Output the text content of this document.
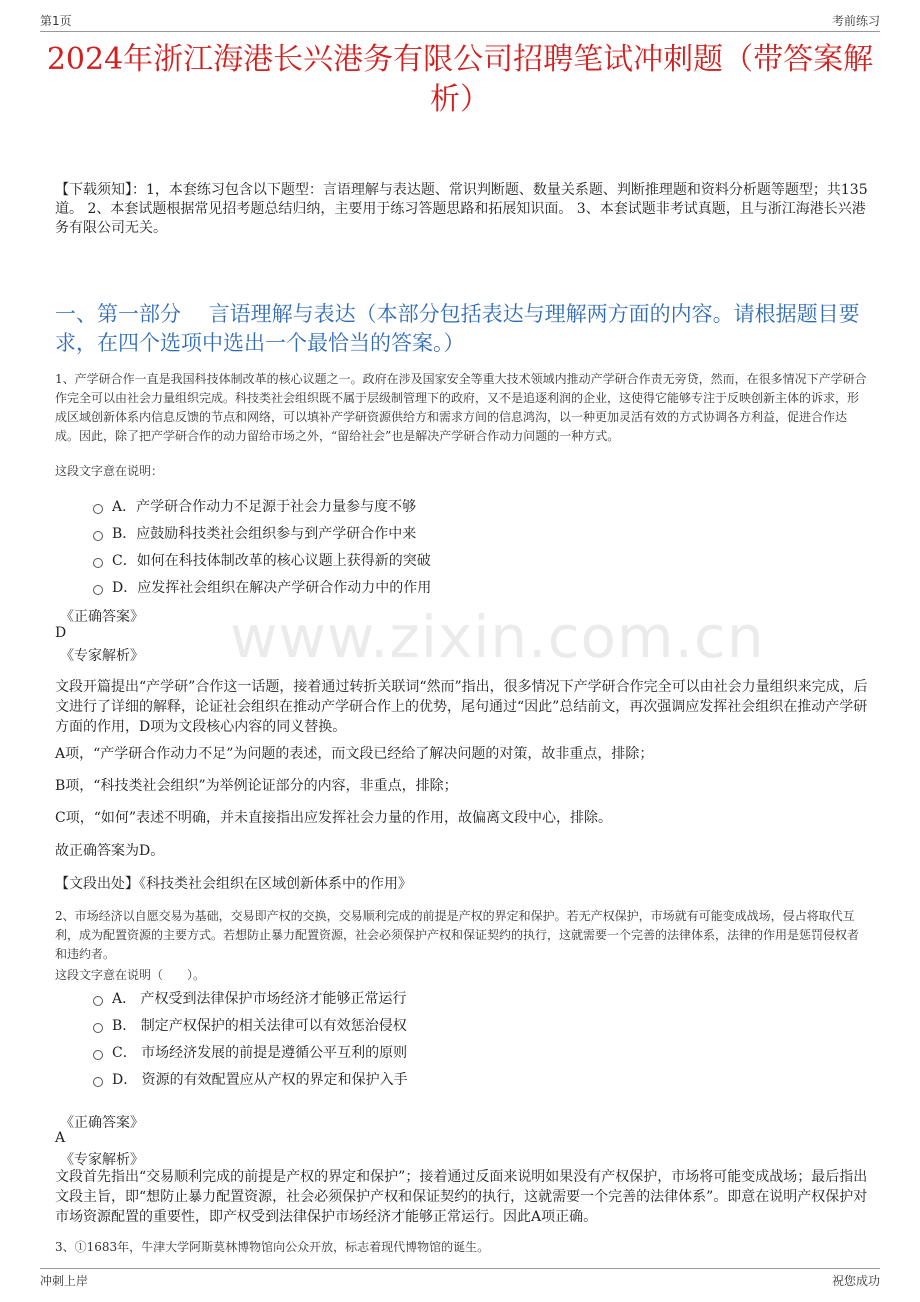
第1页	考前练习
2024年浙江海港长兴港务有限公司招聘笔试冲刺题（带答案解析）
【下载须知】：1，本套练习包含以下题型：言语理解与表达题、常识判断题、数量关系题、判断推理题和资料分析题等题型；共135道。 2、本套试题根据常见招考题总结归纳，主要用于练习答题思路和拓展知识面。 3、本套试题非考试真题，且与浙江海港长兴港务有限公司无关。
一、第一部分　 言语理解与表达（本部分包括表达与理解两方面的内容。请根据题目要求，在四个选项中选出一个最恰当的答案。）
www.zixin.com.cn
1、产学研合作一直是我国科技体制改革的核心议题之一。政府在涉及国家安全等重大技术领域内推动产学研合作责无旁贷，然而，在很多情况下产学研合作完全可以由社会力量组织完成。科技类社会组织既不属于层级制管理下的政府，又不是追逐利润的企业，这使得它能够专注于反映创新主体的诉求，形成区域创新体系内信息反馈的节点和网络，可以填补产学研资源供给方和需求方间的信息鸿沟，以一种更加灵活有效的方式协调各方利益，促进合作达成。因此，除了把产学研合作的动力留给市场之外，“留给社会”也是解决产学研合作动力问题的一种方式。
这段文字意在说明：
A．产学研合作动力不足源于社会力量参与度不够
B．应鼓励科技类社会组织参与到产学研合作中来
C．如何在科技体制改革的核心议题上获得新的突破
D．应发挥社会组织在解决产学研合作动力中的作用
《正确答案》
D
《专家解析》
文段开篇提出“产学研”合作这一话题，接着通过转折关联词“然而”指出，很多情况下产学研合作完全可以由社会力量组织来完成，后文进行了详细的解释，论证社会组织在推动产学研合作上的优势，尾句通过“因此”总结前文，再次强调应发挥社会组织在推动产学研方面的作用，D项为文段核心内容的同义替换。
A项，“产学研合作动力不足”为问题的表述，而文段已经给了解决问题的对策，故非重点，排除；
B项，“科技类社会组织”为举例论证部分的内容，非重点，排除；
C项，“如何”表述不明确，并未直接指出应发挥社会力量的作用，故偏离文段中心，排除。
故正确答案为D。
【文段出处】《科技类社会组织在区域创新体系中的作用》
2、市场经济以自愿交易为基础，交易即产权的交换，交易顺利完成的前提是产权的界定和保护。若无产权保护，市场就有可能变成战场，侵占将取代互利，成为配置资源的主要方式。若想防止暴力配置资源，社会必须保护产权和保证契约的执行，这就需要一个完善的法律体系，法律的作用是惩罚侵权者和违约者。
这段文字意在说明（　　）。
A． 产权受到法律保护市场经济才能够正常运行
B． 制定产权保护的相关法律可以有效惩治侵权
C． 市场经济发展的前提是遵循公平互利的原则
D． 资源的有效配置应从产权的界定和保护入手
《正确答案》
A
《专家解析》
文段首先指出“交易顺利完成的前提是产权的界定和保护”；接着通过反面来说明如果没有产权保护，市场将可能变成战场；最后指出文段主旨，即“想防止暴力配置资源，社会必须保护产权和保证契约的执行，这就需要一个完善的法律体系”。即意在说明产权保护对市场资源配置的重要性，即产权受到法律保护市场经济才能够正常运行。因此A项正确。
3、①1683年，牛津大学阿斯莫林博物馆向公众开放，标志着现代博物馆的诞生。
冲刺上岸	祝您成功
